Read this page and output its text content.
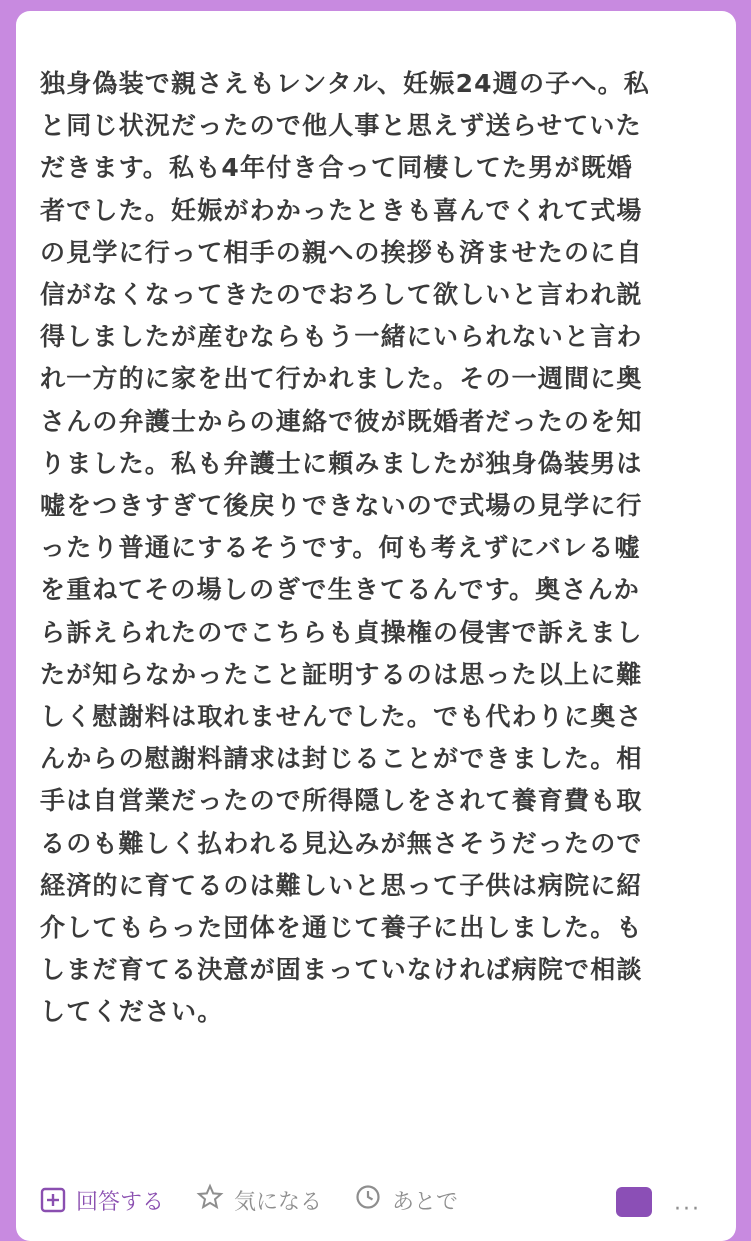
独身偽装で親さえもレンタル、妊娠24週の子へ。私
と同じ状況だったので他人事と思えず送らせていた
だきます。私も4年付き合って同棲してた男が既婚
者でした。妊娠がわかったときも喜んでくれて式場
の見学に行って相手の親への挨拶も済ませたのに自
信がなくなってきたのでおろして欲しいと言われ説
得しましたが産むならもう一緒にいられないと言わ
れ一方的に家を出て行かれました。その一週間に奥
さんの弁護士からの連絡で彼が既婚者だったのを知
りました。私も弁護士に頼みましたが独身偽装男は
嘘をつきすぎて後戻りできないので式場の見学に行
ったり普通にするそうです。何も考えずにバレる嘘
を重ねてその場しのぎで生きてるんです。奥さんか
ら訴えられたのでこちらも貞操権の侵害で訴えまし
たが知らなかったこと証明するのは思った以上に難
しく慰謝料は取れませんでした。でも代わりに奥さ
んからの慰謝料請求は封じることができました。相
手は自営業だったので所得隠しをされて養育費も取
るのも難しく払われる見込みが無さそうだったので
経済的に育てるのは難しいと思って子供は病院に紹
介してもらった団体を通じて養子に出しました。も
しまだ育てる決意が固まっていなければ病院で相談
してください。

回答する	気になる	あとで	···
